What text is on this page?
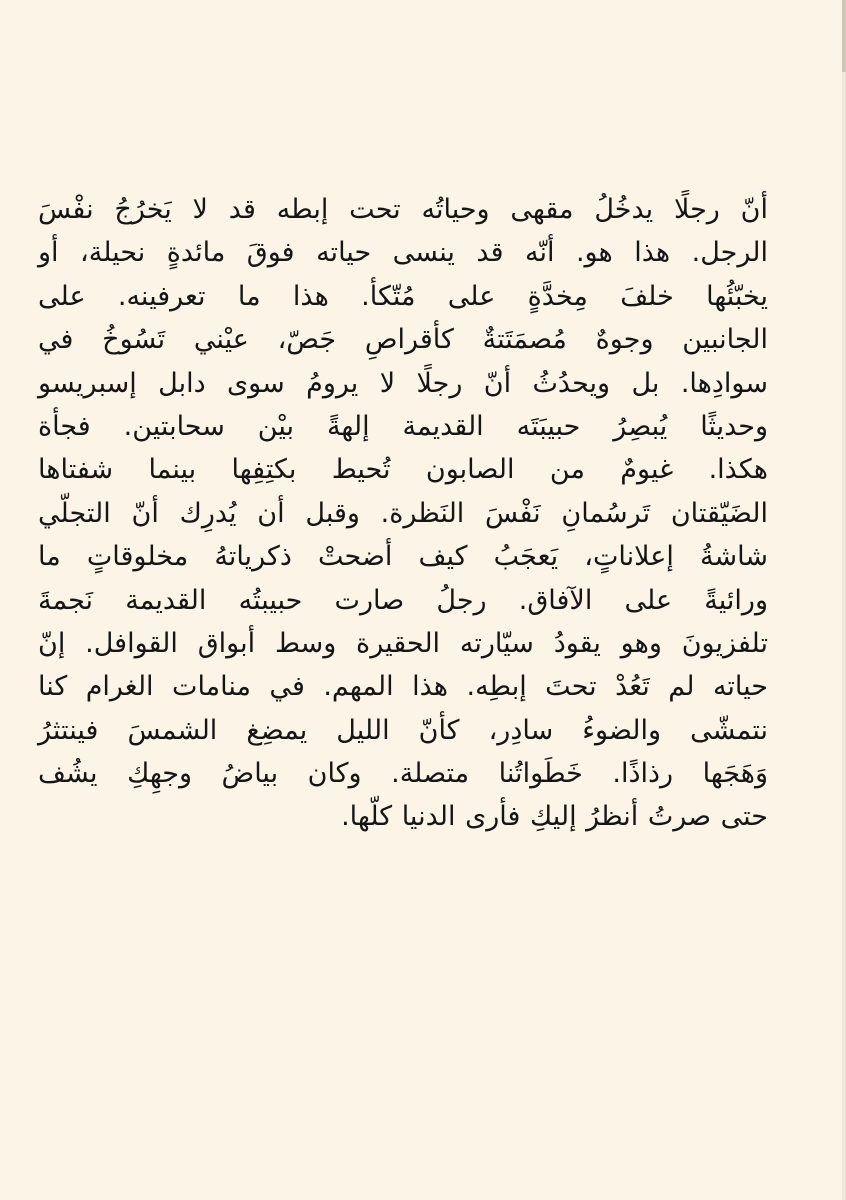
أنّ رجلًا يدخُلُ مقهى وحياتُه تحت إبطه قد لا يَخرُجُ نفْسَ
الرجل. هذا هو. أنّه قد ينسى حياته فوقَ مائدةٍ نحيلة، أو
يخبّئُها خلفَ مِخدَّةٍ على مُتّكأ. هذا ما تعرفينه. على
الجانبين وجوهٌ مُصمَتَتةٌ كأقراصِ جَصّ، عيْني تَسُوخُ في
سوادِها. بل ويحدُثُ أنّ رجلًا لا يرومُ سوى دابل إسبريسو
وحديثًا يُبصِرُ حبيبَتَه القديمة إلهةً بيْن سحابتين. فجأة
هكذا. غيومٌ من الصابون تُحيط بكتِفِها بينما شفتاها
الضَيّقتان تَرسُمانِ نَفْسَ النَظرة. وقبل أن يُدرِك أنّ التجلّي
شاشةُ إعلاناتٍ، يَعجَبُ كيف أضحتْ ذكرياتهُ مخلوقاتٍ ما
ورائيةً على الآفاق. رجلُ صارت حبيبتُه القديمة نَجمةَ
تلفزيونَ وهو يقودُ سيّارته الحقيرة وسط أبواق القوافل. إنّ
حياته لم تَعُدْ تحتَ إبطِه. هذا المهم. في منامات الغرام كنا
نتمشّى والضوءُ سادِر، كأنّ الليل يمضِغ الشمسَ فينتثرُ
وَهَجَها رذاذًا. خَطَواتُنا متصلة. وكان بياضُ وجهِكِ يشُف
حتى صرتُ أنظرُ إليكِ فأرى الدنيا كلّها.
